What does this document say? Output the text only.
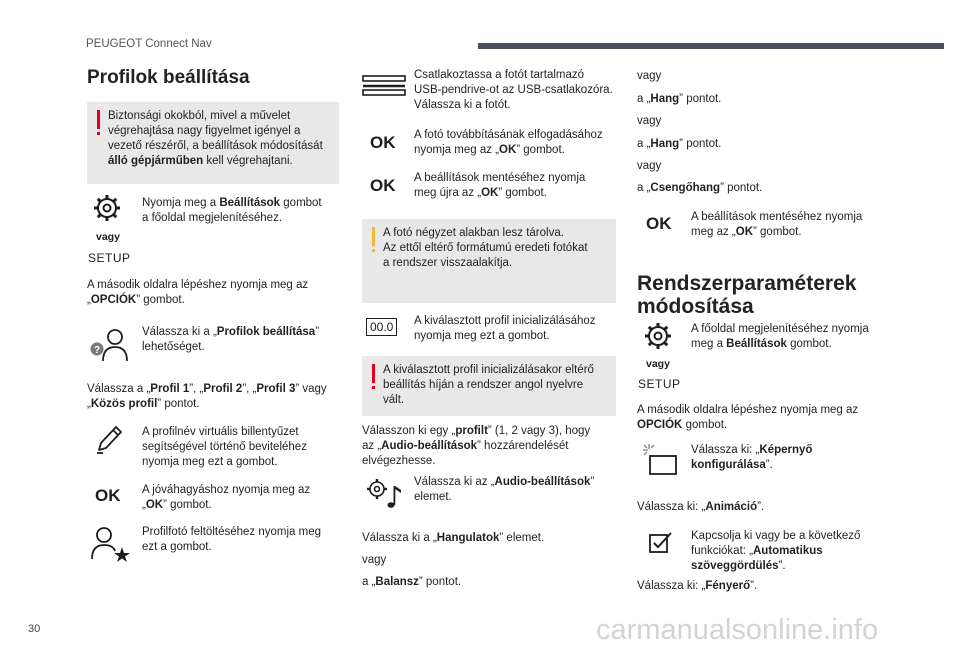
PEUGEOT Connect Nav
Profilok beállítása
Biztonsági okokból, mivel a művelet
végrehajtása nagy figyelmet igényel a
vezető részéről, a beállítások módosítását
álló gépjárműben kell végrehajtani.
vagy
SETUP
Nyomja meg a Beállítások gombot
a főoldal megjelenítéséhez.
A második oldalra lépéshez nyomja meg az
„OPCIÓK” gombot.
?
Válassza ki a „Profilok beállítása”
lehetőséget.
Válassza a „Profil 1”, „Profil 2”, „Profil 3” vagy
„Közös profil” pontot.
A profilnév virtuális billentyűzet
segítségével történő beviteléhez
nyomja meg ezt a gombot.
OK A jóváhagyáshoz nyomja meg az
„OK” gombot.
Profilfotó feltöltéséhez nyomja meg
ezt a gombot.
Csatlakoztassa a fotót tartalmazó
USB-pendrive-ot az USB-csatlakozóra.
Válassza ki a fotót.
OK A fotó továbbításának elfogadásához
nyomja meg az „OK” gombot.
OK A beállítások mentéséhez nyomja
meg újra az „OK” gombot.
A fotó négyzet alakban lesz tárolva.
Az ettől eltérő formátumú eredeti fotókat
a rendszer visszaalakítja.
00.0	A kiválasztott profil inicializálásához
nyomja meg ezt a gombot.
A kiválasztott profil inicializálásakor eltérő
beállítás híján a rendszer angol nyelvre
vált.
Válasszon ki egy „profilt” (1, 2 vagy 3), hogy
az „Audio-beállítások” hozzárendelését
elvégezhesse.
Válassza ki az „Audio-beállítások”
elemet.
Válassza ki a „Hangulatok” elemet.
vagy
a „Balansz” pontot.
vagy
a „Hang” pontot.
vagy
a „Hang” pontot.
vagy
a „Csengőhang” pontot.
OK A beállítások mentéséhez nyomja
meg az „OK” gombot.
Rendszerparaméterek
módosítása
vagy
SETUP
A főoldal megjelenítéséhez nyomja
meg a Beállítások gombot.
A második oldalra lépéshez nyomja meg az
OPCIÓK gombot.
Válassza ki: „Képernyő
konfigurálása”.
Válassza ki: „Animáció”.
Kapcsolja ki vagy be a következő
funkciókat: „Automatikus
szöveggördülés”.
Válassza ki: „Fényerő”.
30	carmanualsonline.info
